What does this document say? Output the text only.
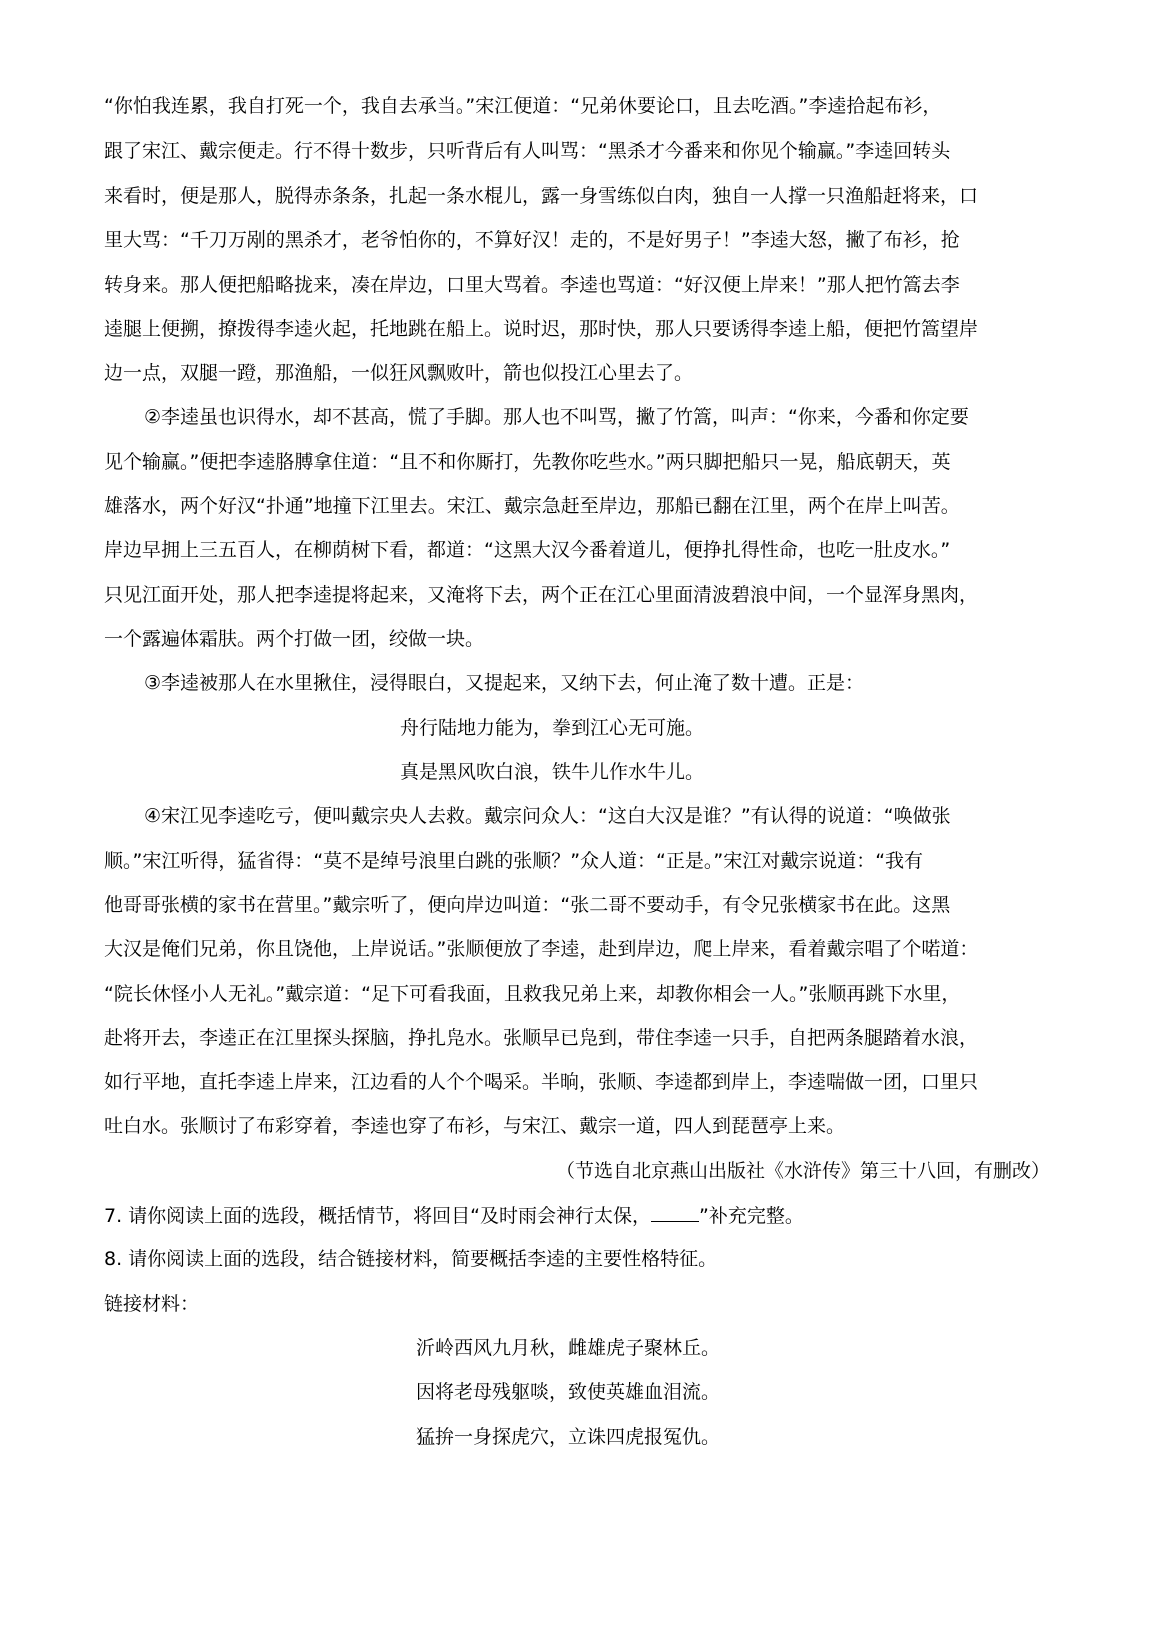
“你怕我连累，我自打死一个，我自去承当。”宋江便道：“兄弟休要论口，且去吃酒。”李逵拾起布衫，
跟了宋江、戴宗便走。行不得十数步，只听背后有人叫骂：“黑杀才今番来和你见个输赢。”李逵回转头
来看时，便是那人，脱得赤条条，扎起一条水棍儿，露一身雪练似白肉，独自一人撑一只渔船赶将来，口
里大骂：“千刀万剐的黑杀才，老爷怕你的，不算好汉！走的，不是好男子！”李逵大怒，撇了布衫，抢
转身来。那人便把船略拢来，凑在岸边，口里大骂着。李逵也骂道：“好汉便上岸来！”那人把竹篙去李
逵腿上便搠，撩拨得李逵火起，托地跳在船上。说时迟，那时快，那人只要诱得李逵上船，便把竹篙望岸
边一点，双腿一蹬，那渔船，一似狂风飘败叶，箭也似投江心里去了。
②李逵虽也识得水，却不甚高，慌了手脚。那人也不叫骂，撇了竹篙，叫声：“你来，今番和你定要
见个输赢。”便把李逵胳膊拿住道：“且不和你厮打，先教你吃些水。”两只脚把船只一晃，船底朝天，英
雄落水，两个好汉“扑通”地撞下江里去。宋江、戴宗急赶至岸边，那船已翻在江里，两个在岸上叫苦。
岸边早拥上三五百人，在柳荫树下看，都道：“这黑大汉今番着道儿，便挣扎得性命，也吃一肚皮水。”
只见江面开处，那人把李逵提将起来，又淹将下去，两个正在江心里面清波碧浪中间，一个显浑身黑肉，
一个露遍体霜肤。两个打做一团，绞做一块。
③李逵被那人在水里揪住，浸得眼白，又提起来，又纳下去，何止淹了数十遭。正是：
舟行陆地力能为，拳到江心无可施。
真是黑风吹白浪，铁牛儿作水牛儿。
④宋江见李逵吃亏，便叫戴宗央人去救。戴宗问众人：“这白大汉是谁？”有认得的说道：“唤做张
顺。”宋江听得，猛省得：“莫不是绰号浪里白跳的张顺？”众人道：“正是。”宋江对戴宗说道：“我有
他哥哥张横的家书在营里。”戴宗听了，便向岸边叫道：“张二哥不要动手，有令兄张横家书在此。这黑
大汉是俺们兄弟，你且饶他，上岸说话。”张顺便放了李逵，赴到岸边，爬上岸来，看着戴宗唱了个喏道：
“院长休怪小人无礼。”戴宗道：“足下可看我面，且救我兄弟上来，却教你相会一人。”张顺再跳下水里，
赴将开去，李逵正在江里探头探脑，挣扎凫水。张顺早已凫到，带住李逵一只手，自把两条腿踏着水浪，
如行平地，直托李逵上岸来，江边看的人个个喝采。半晌，张顺、李逵都到岸上，李逵喘做一团，口里只
吐白水。张顺讨了布彩穿着，李逵也穿了布衫，与宋江、戴宗一道，四人到琵琶亭上来。
（节选自北京燕山出版社《水浒传》第三十八回，有删改）
7. 请你阅读上面的选段，概括情节，将回目“及时雨会神行太保，	”补充完整。
8. 请你阅读上面的选段，结合链接材料，简要概括李逵的主要性格特征。
链接材料：
沂岭西风九月秋，雌雄虎子聚林丘。
因将老母残躯啖，致使英雄血泪流。
猛拚一身探虎穴，立诛四虎报冤仇。
